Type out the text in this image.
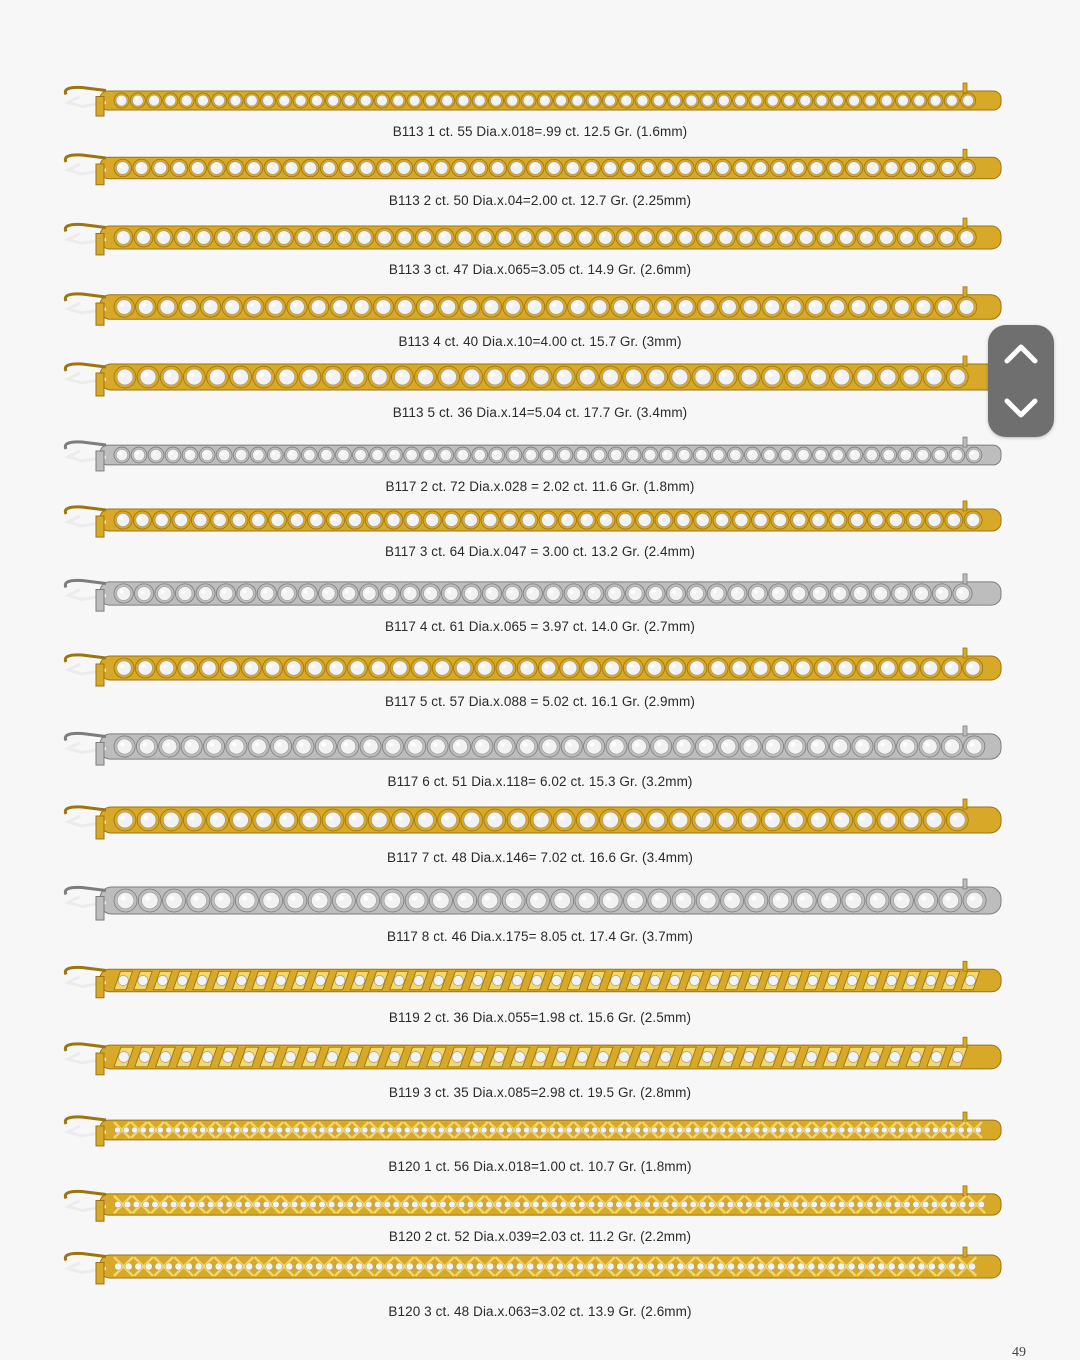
B113 1 ct. 55 Dia.x.018=.99 ct. 12.5 Gr. (1.6mm)
B113 2 ct. 50 Dia.x.04=2.00 ct. 12.7 Gr. (2.25mm)
B113 3 ct. 47 Dia.x.065=3.05 ct. 14.9 Gr. (2.6mm)
B113 4 ct. 40 Dia.x.10=4.00 ct. 15.7 Gr. (3mm)
B113 5 ct. 36 Dia.x.14=5.04 ct. 17.7 Gr. (3.4mm)
B117 2 ct. 72 Dia.x.028 = 2.02 ct. 11.6 Gr. (1.8mm)
B117 3 ct. 64 Dia.x.047 = 3.00 ct. 13.2 Gr. (2.4mm)
B117 4 ct. 61 Dia.x.065 = 3.97 ct. 14.0 Gr. (2.7mm)
B117 5 ct. 57 Dia.x.088 = 5.02 ct. 16.1 Gr. (2.9mm)
B117 6 ct. 51 Dia.x.118= 6.02 ct. 15.3 Gr. (3.2mm)
B117 7 ct. 48 Dia.x.146= 7.02 ct. 16.6 Gr. (3.4mm)
B117 8 ct. 46 Dia.x.175= 8.05 ct. 17.4 Gr. (3.7mm)
B119 2 ct. 36 Dia.x.055=1.98 ct. 15.6 Gr. (2.5mm)
B119 3 ct. 35 Dia.x.085=2.98 ct. 19.5 Gr. (2.8mm)
B120 1 ct. 56 Dia.x.018=1.00 ct. 10.7 Gr. (1.8mm)
B120 2 ct. 52 Dia.x.039=2.03 ct. 11.2 Gr. (2.2mm)
B120 3 ct. 48 Dia.x.063=3.02 ct. 13.9 Gr. (2.6mm)
49
